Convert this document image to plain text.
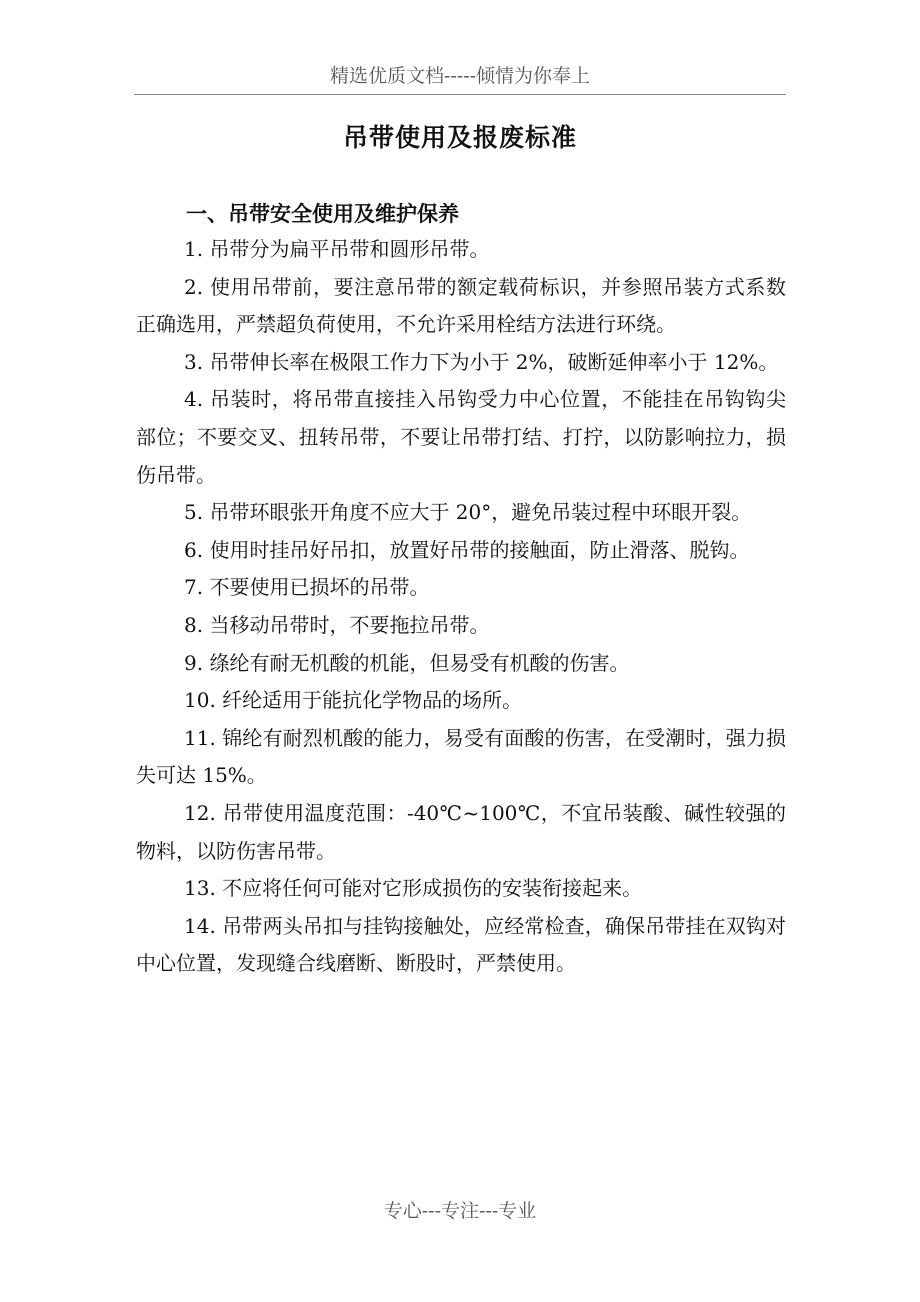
精选优质文档-----倾情为你奉上
吊带使用及报废标准
一、吊带安全使用及维护保养

1. 吊带分为扁平吊带和圆形吊带。

2. 使用吊带前，要注意吊带的额定载荷标识，并参照吊装方式系数正确选用，严禁超负荷使用，不允许采用栓结方法进行环绕。

3. 吊带伸长率在极限工作力下为小于 2%，破断延伸率小于 12%。

4. 吊装时，将吊带直接挂入吊钩受力中心位置，不能挂在吊钩钩尖部位；不要交叉、扭转吊带，不要让吊带打结、打拧，以防影响拉力，损伤吊带。

5. 吊带环眼张开角度不应大于 20°，避免吊装过程中环眼开裂。

6. 使用时挂吊好吊扣，放置好吊带的接触面，防止滑落、脱钩。

7. 不要使用已损坏的吊带。

8. 当移动吊带时，不要拖拉吊带。

9. 绦纶有耐无机酸的机能，但易受有机酸的伤害。

10. 纤纶适用于能抗化学物品的场所。

11. 锦纶有耐烈机酸的能力，易受有面酸的伤害，在受潮时，强力损失可达 15%。

12. 吊带使用温度范围：-40℃~100℃，不宜吊装酸、碱性较强的物料，以防伤害吊带。

13. 不应将任何可能对它形成损伤的安装衔接起来。

14. 吊带两头吊扣与挂钩接触处，应经常检查，确保吊带挂在双钩对中心位置，发现缝合线磨断、断股时，严禁使用。

专心---专注---专业
